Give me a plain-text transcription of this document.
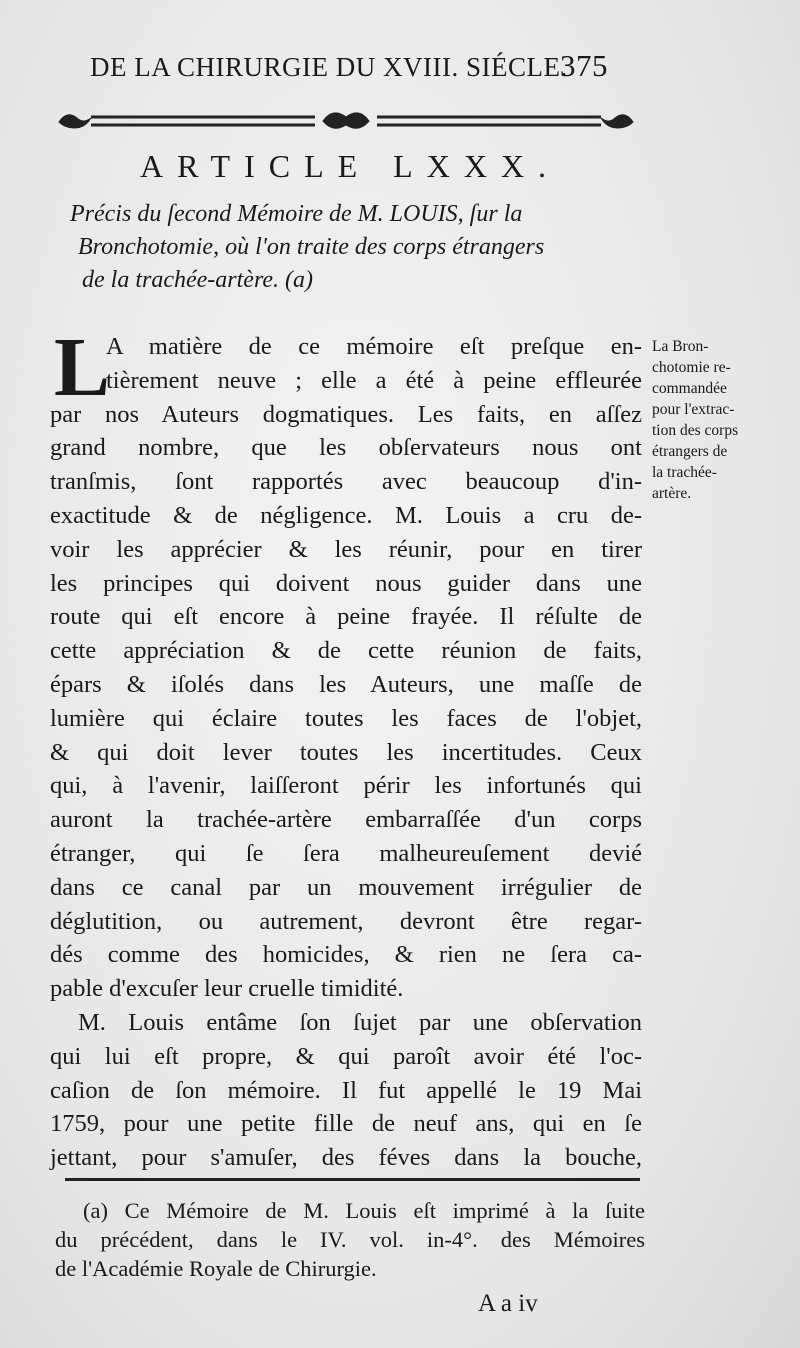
DE LA CHIRURGIE DU XVIII. SIÉCLE.
375
ARTICLE LXXX.
Précis du ſecond Mémoire de M. LOUIS, ſur la
Bronchotomie, où l'on traite des corps étrangers
de la trachée-artère. (a)
L
A matière de ce mémoire eſt preſque en-
tièrement neuve ; elle a été à peine effleurée
par nos Auteurs dogmatiques. Les faits, en aſſez
grand nombre, que les obſervateurs nous ont
tranſmis, ſont rapportés avec beaucoup d'in-
exactitude & de négligence. M. Louis a cru de-
voir les apprécier & les réunir, pour en tirer
les principes qui doivent nous guider dans une
route qui eſt encore à peine frayée. Il réſulte de
cette appréciation & de cette réunion de faits,
épars & iſolés dans les Auteurs, une maſſe de
lumière qui éclaire toutes les faces de l'objet,
& qui doit lever toutes les incertitudes. Ceux
qui, à l'avenir, laiſſeront périr les infortunés qui
auront la trachée-artère embarraſſée d'un corps
étranger, qui ſe ſera malheureuſement devié
dans ce canal par un mouvement irrégulier de
déglutition, ou autrement, devront être regar-
dés comme des homicides, & rien ne ſera ca-
pable d'excuſer leur cruelle timidité.
M. Louis entâme ſon ſujet par une obſervation
qui lui eſt propre, & qui paroît avoir été l'oc-
caſion de ſon mémoire. Il fut appellé le 19 Mai
1759, pour une petite fille de neuf ans, qui en ſe
jettant, pour s'amuſer, des féves dans la bouche,
La Bron-
chotomie re-
commandée
pour l'extrac-
tion des corps
étrangers de
la trachée-
artère.
(a) Ce Mémoire de M. Louis eſt imprimé à la ſuite
du précédent, dans le IV. vol. in-4°. des Mémoires
de l'Académie Royale de Chirurgie.
A a iv
